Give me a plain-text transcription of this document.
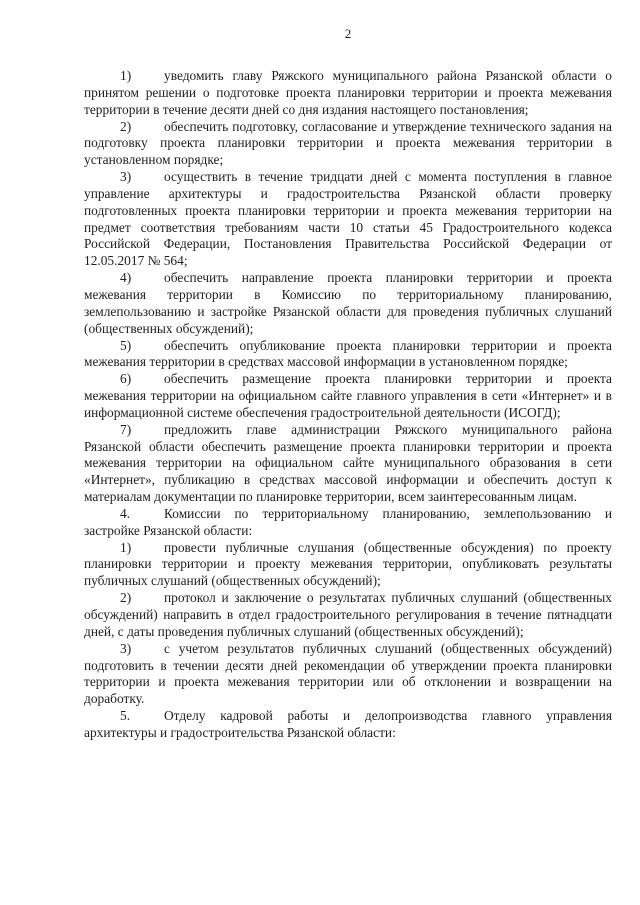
2

1) уведомить главу Ряжского муниципального района Рязанской области о принятом решении о подготовке проекта планировки территории и проекта межевания территории в течение десяти дней со дня издания настоящего постановления;

2) обеспечить подготовку, согласование и утверждение технического задания на подготовку проекта планировки территории и проекта межевания территории в установленном порядке;

3) осуществить в течение тридцати дней с момента поступления в главное управление архитектуры и градостроительства Рязанской области проверку подготовленных проекта планировки территории и проекта межевания территории на предмет соответствия требованиям части 10 статьи 45 Градостроительного кодекса Российской Федерации, Постановления Правительства Российской Федерации от 12.05.2017 № 564;

4) обеспечить направление проекта планировки территории и проекта межевания территории в Комиссию по территориальному планированию, землепользованию и застройке Рязанской области для проведения публичных слушаний (общественных обсуждений);

5) обеспечить опубликование проекта планировки территории и проекта межевания территории в средствах массовой информации в установленном порядке;

6) обеспечить размещение проекта планировки территории и проекта межевания территории на официальном сайте главного управления в сети «Интернет» и в информационной системе обеспечения градостроительной деятельности (ИСОГД);

7) предложить главе администрации Ряжского муниципального района Рязанской области обеспечить размещение проекта планировки территории и проекта межевания территории на официальном сайте муниципального образования в сети «Интернет», публикацию в средствах массовой информации и обеспечить доступ к материалам документации по планировке территории, всем заинтересованным лицам.

4.	Комиссии по территориальному планированию, землепользованию и застройке Рязанской области:

1) провести публичные слушания (общественные обсуждения) по проекту планировки территории и проекту межевания территории, опубликовать результаты публичных слушаний (общественных обсуждений);

2) протокол и заключение о результатах публичных слушаний (общественных обсуждений) направить в отдел градостроительного регулирования в течение пятнадцати дней, с даты проведения публичных слушаний (общественных обсуждений);

3) с учетом результатов публичных слушаний (общественных обсуждений) подготовить в течении десяти дней рекомендации об утверждении проекта планировки территории и проекта межевания территории или об отклонении и возвращении на доработку.

5.	Отделу кадровой работы и делопроизводства главного управления архитектуры и градостроительства Рязанской области:
